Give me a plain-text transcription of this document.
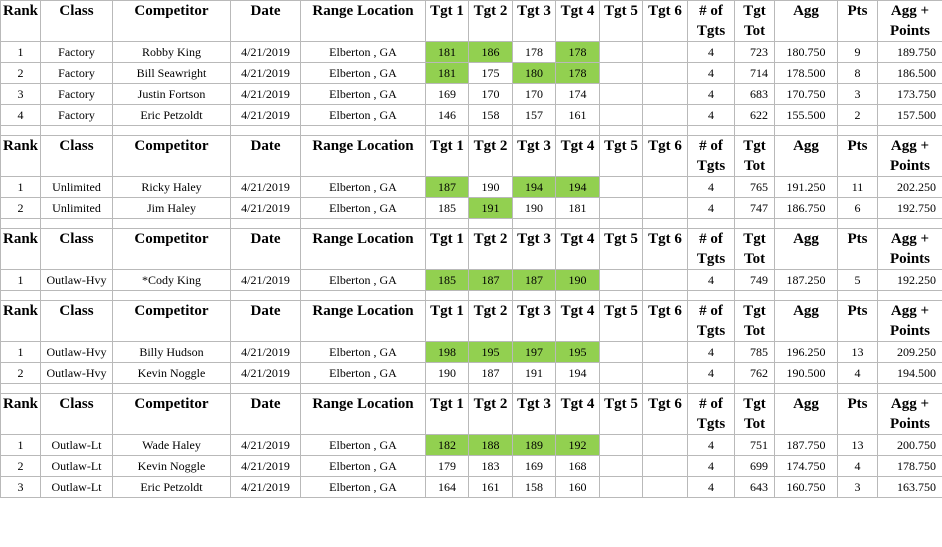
Rank	Class	Competitor	Date	Range Location	Tgt 1	Tgt 2	Tgt 3	Tgt 4	Tgt 5	Tgt 6	# of	Tgt	Agg	Pts	Agg +
											Tgts	Tot			Points
1	Factory	Robby King	4/21/2019	Elberton , GA	181	186	178	178			4	723	180.750	9	189.750
2	Factory	Bill Seawright	4/21/2019	Elberton , GA	181	175	180	178			4	714	178.500	8	186.500
3	Factory	Justin Fortson	4/21/2019	Elberton , GA	169	170	170	174			4	683	170.750	3	173.750
4	Factory	Eric Petzoldt	4/21/2019	Elberton , GA	146	158	157	161			4	622	155.500	2	157.500

Rank	Class	Competitor	Date	Range Location	Tgt 1	Tgt 2	Tgt 3	Tgt 4	Tgt 5	Tgt 6	# of	Tgt	Agg	Pts	Agg +
											Tgts	Tot			Points
1	Unlimited	Ricky Haley	4/21/2019	Elberton , GA	187	190	194	194			4	765	191.250	11	202.250
2	Unlimited	Jim Haley	4/21/2019	Elberton , GA	185	191	190	181			4	747	186.750	6	192.750

Rank	Class	Competitor	Date	Range Location	Tgt 1	Tgt 2	Tgt 3	Tgt 4	Tgt 5	Tgt 6	# of	Tgt	Agg	Pts	Agg +
											Tgts	Tot			Points
1	Outlaw-Hvy	*Cody King	4/21/2019	Elberton , GA	185	187	187	190			4	749	187.250	5	192.250

Rank	Class	Competitor	Date	Range Location	Tgt 1	Tgt 2	Tgt 3	Tgt 4	Tgt 5	Tgt 6	# of	Tgt	Agg	Pts	Agg +
											Tgts	Tot			Points
1	Outlaw-Hvy	Billy Hudson	4/21/2019	Elberton , GA	198	195	197	195			4	785	196.250	13	209.250
2	Outlaw-Hvy	Kevin Noggle	4/21/2019	Elberton , GA	190	187	191	194			4	762	190.500	4	194.500

Rank	Class	Competitor	Date	Range Location	Tgt 1	Tgt 2	Tgt 3	Tgt 4	Tgt 5	Tgt 6	# of	Tgt	Agg	Pts	Agg +
											Tgts	Tot			Points
1	Outlaw-Lt	Wade Haley	4/21/2019	Elberton , GA	182	188	189	192			4	751	187.750	13	200.750
2	Outlaw-Lt	Kevin Noggle	4/21/2019	Elberton , GA	179	183	169	168			4	699	174.750	4	178.750
3	Outlaw-Lt	Eric Petzoldt	4/21/2019	Elberton , GA	164	161	158	160			4	643	160.750	3	163.750
